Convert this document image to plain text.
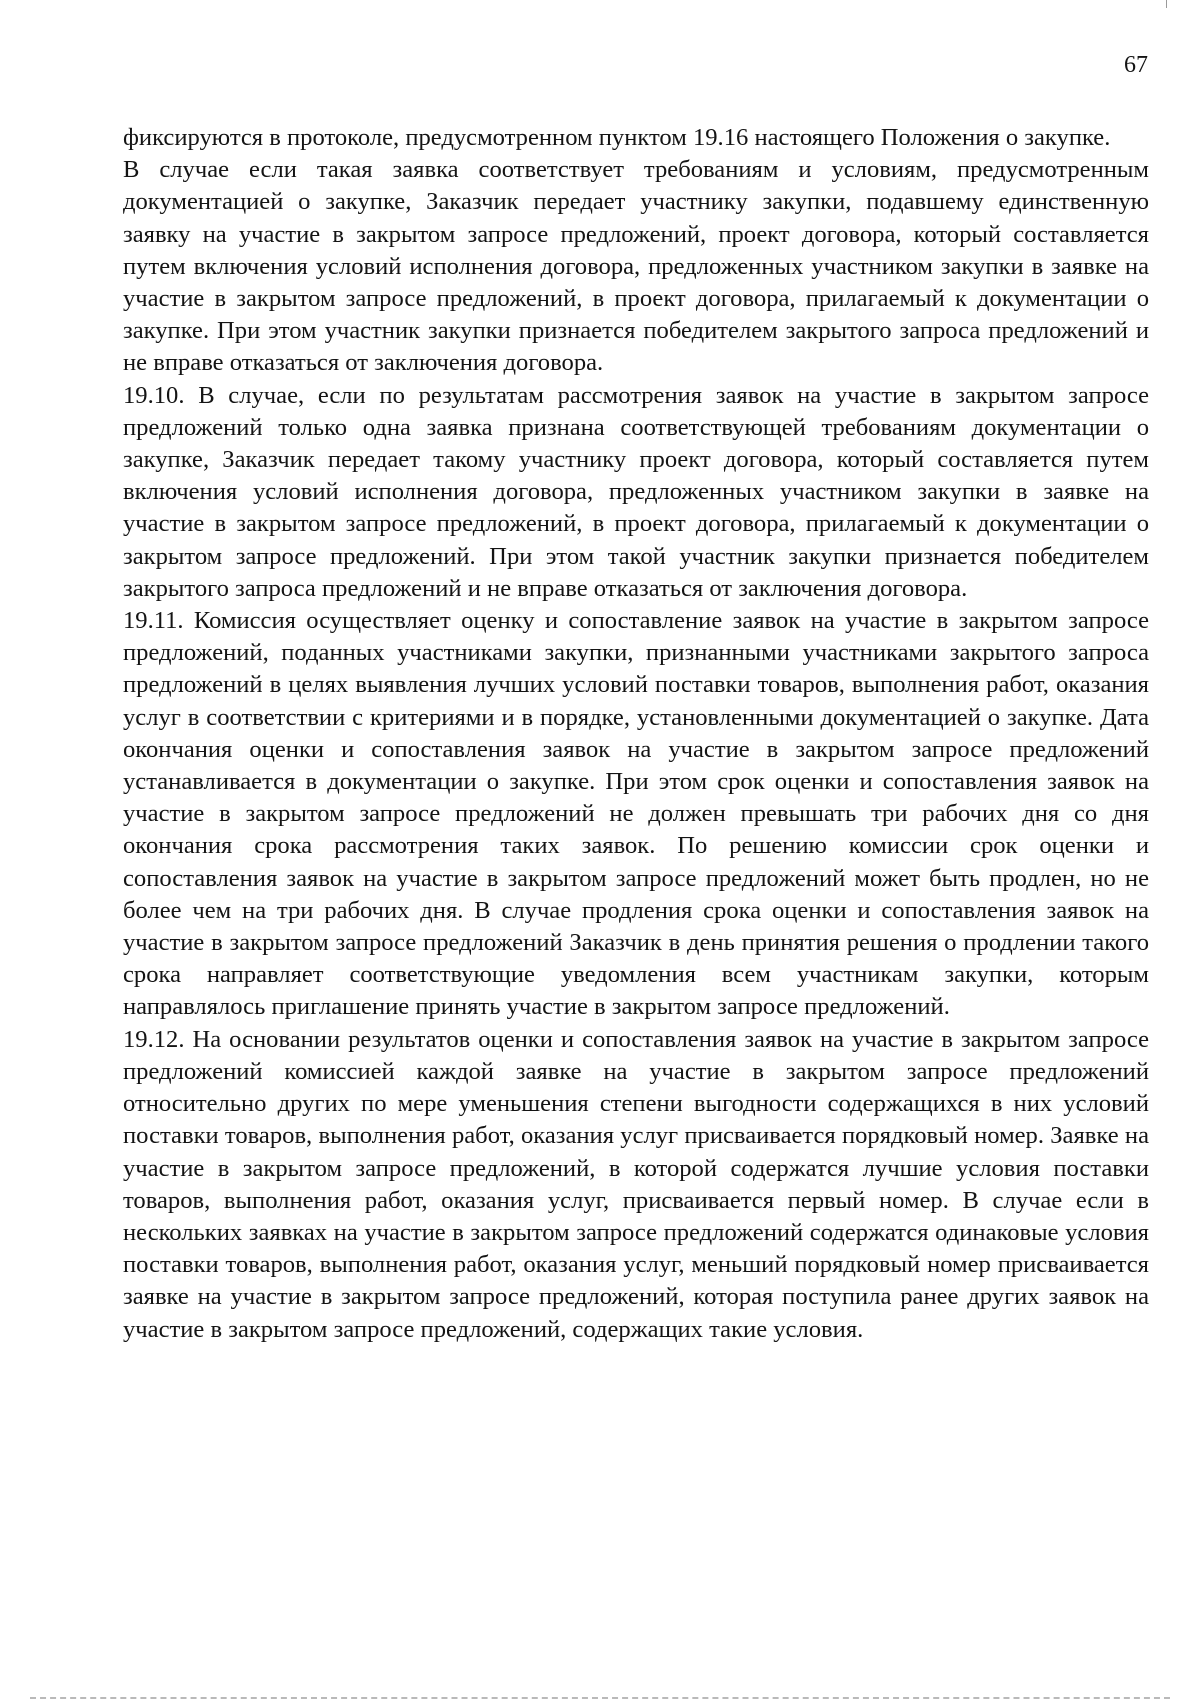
67

фиксируются в протоколе, предусмотренном пунктом 19.16 настоящего Положения о закупке.

В случае если такая заявка соответствует требованиям и условиям, предусмотренным документацией о закупке, Заказчик передает участнику закупки, подавшему единственную заявку на участие в закрытом запросе предложений, проект договора, который составляется путем включения условий исполнения договора, предложенных участником закупки в заявке на участие в закрытом запросе предложений, в проект договора, прилагаемый к документации о закупке. При этом участник закупки признается победителем закрытого запроса предложений и не вправе отказаться от заключения договора.

19.10. В случае, если по результатам рассмотрения заявок на участие в закрытом запросе предложений только одна заявка признана соответствующей требованиям документации о закупке, Заказчик передает такому участнику проект договора, который составляется путем включения условий исполнения договора, предложенных участником закупки в заявке на участие в закрытом запросе предложений, в проект договора, прилагаемый к документации о закрытом запросе предложений. При этом такой участник закупки признается победителем закрытого запроса предложений и не вправе отказаться от заключения договора.

19.11. Комиссия осуществляет оценку и сопоставление заявок на участие в закрытом запросе предложений, поданных участниками закупки, признанными участниками закрытого запроса предложений в целях выявления лучших условий поставки товаров, выполнения работ, оказания услуг в соответствии с критериями и в порядке, установленными документацией о закупке. Дата окончания оценки и сопоставления заявок на участие в закрытом запросе предложений устанавливается в документации о закупке. При этом срок оценки и сопоставления заявок на участие в закрытом запросе предложений не должен превышать три рабочих дня со дня окончания срока рассмотрения таких заявок. По решению комиссии срок оценки и сопоставления заявок на участие в закрытом запросе предложений может быть продлен, но не более чем на три рабочих дня. В случае продления срока оценки и сопоставления заявок на участие в закрытом запросе предложений Заказчик в день принятия решения о продлении такого срока направляет соответствующие уведомления всем участникам закупки, которым направлялось приглашение принять участие в закрытом запросе предложений.

19.12. На основании результатов оценки и сопоставления заявок на участие в закрытом запросе предложений комиссией каждой заявке на участие в закрытом запросе предложений относительно других по мере уменьшения степени выгодности содержащихся в них условий поставки товаров, выполнения работ, оказания услуг присваивается порядковый номер. Заявке на участие в закрытом запросе предложений, в которой содержатся лучшие условия поставки товаров, выполнения работ, оказания услуг, присваивается первый номер. В случае если в нескольких заявках на участие в закрытом запросе предложений содержатся одинаковые условия поставки товаров, выполнения работ, оказания услуг, меньший порядковый номер присваивается заявке на участие в закрытом запросе предложений, которая поступила ранее других заявок на участие в закрытом запросе предложений, содержащих такие условия.
